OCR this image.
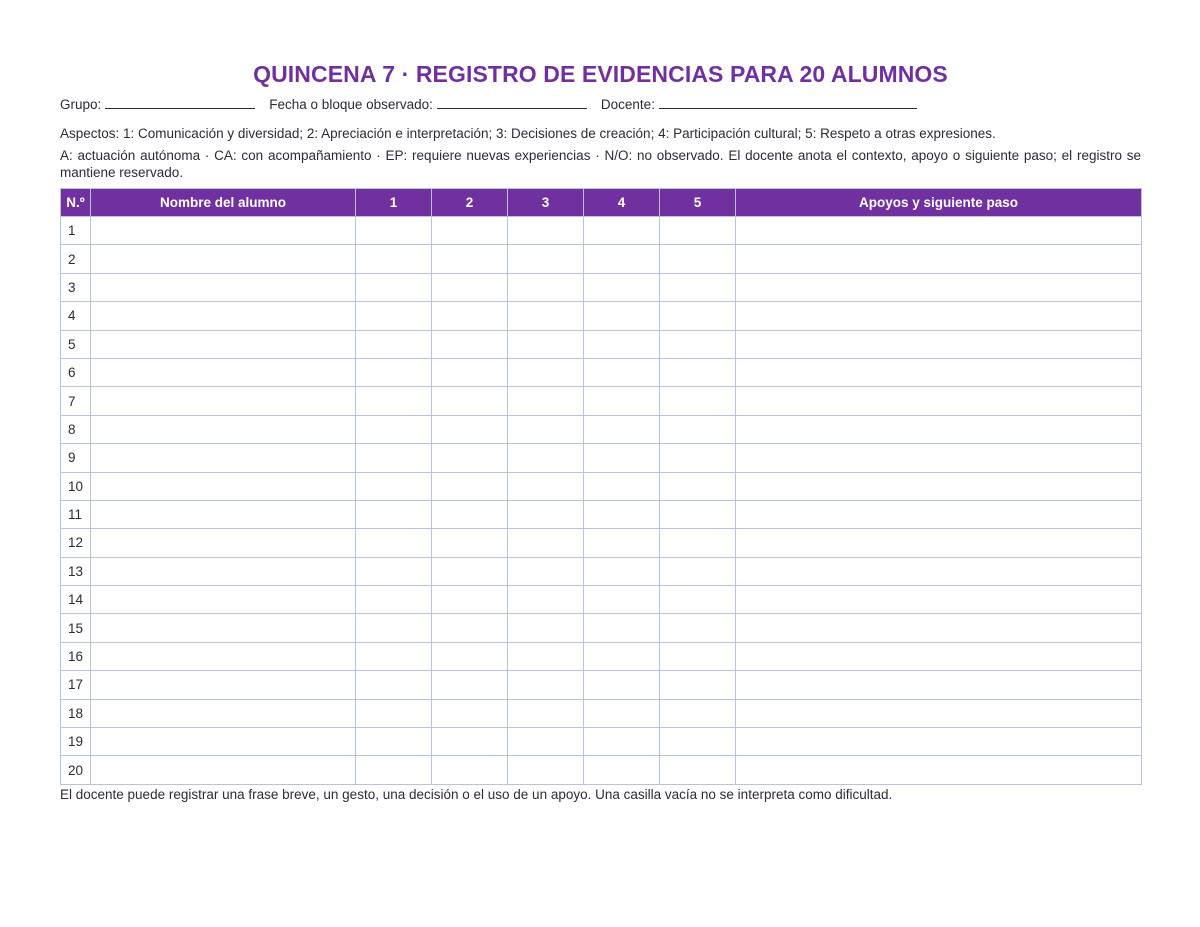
QUINCENA 7 · REGISTRO DE EVIDENCIAS PARA 20 ALUMNOS
Grupo:	Fecha o bloque observado:	Docente:

Aspectos: 1: Comunicación y diversidad; 2: Apreciación e interpretación; 3: Decisiones de creación; 4: Participación cultural; 5: Respeto a otras expresiones.

A: actuación autónoma · CA: con acompañamiento · EP: requiere nuevas experiencias · N/O: no observado. El docente anota el contexto, apoyo o siguiente paso; el registro se mantiene reservado.

N.º	Nombre del alumno	1	2	3	4	5	Apoyos y siguiente paso
1							
2							
3							
4							
5							
6							
7							
8							
9							
10							
11							
12							
13							
14							
15							
16							
17							
18							
19							
20							

El docente puede registrar una frase breve, un gesto, una decisión o el uso de un apoyo. Una casilla vacía no se interpreta como dificultad.
